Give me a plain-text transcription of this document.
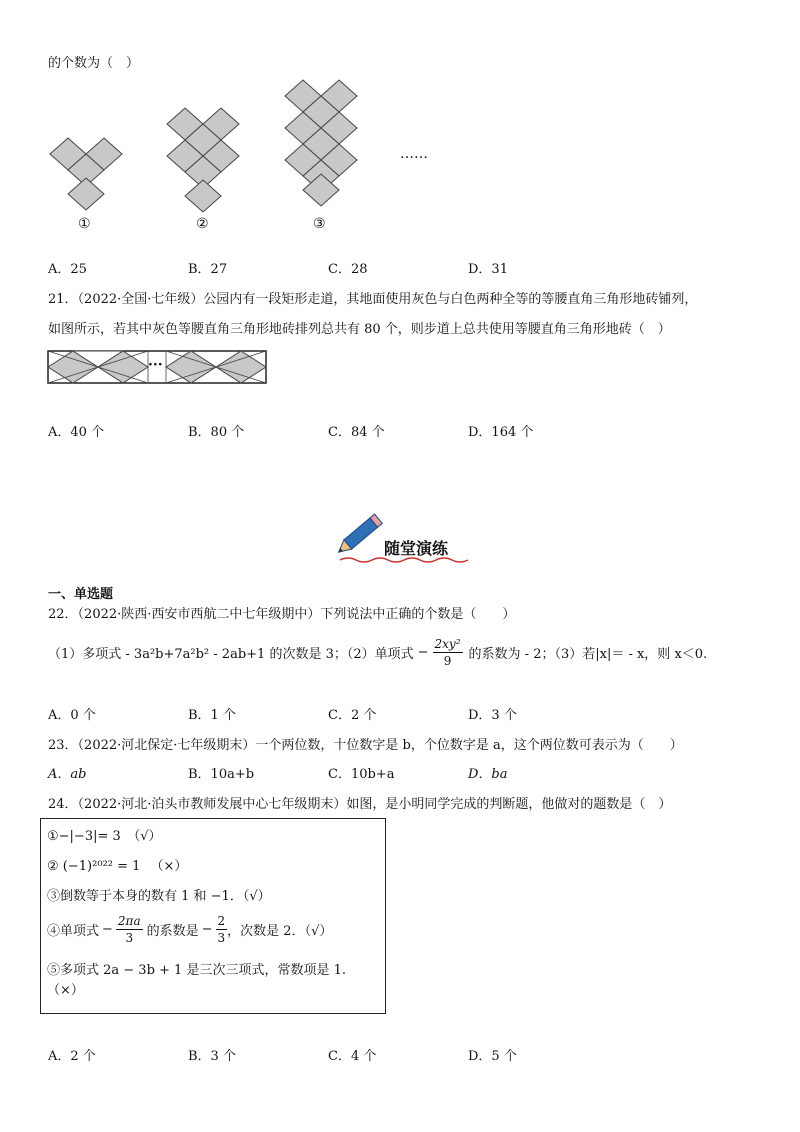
的个数为（　）
……
①	②	③
A．25	B．27	C．28	D．31
21．（2022·全国·七年级）公园内有一段矩形走道，其地面使用灰色与白色两种全等的等腰直角三角形地砖铺列，
如图所示，若其中灰色等腰直角三角形地砖排列总共有 80 个，则步道上总共使用等腰直角三角形地砖（　）
···
A．40 个	B．80 个	C．84 个	D．164 个
随堂演练
一、单选题
22．（2022·陕西·西安市西航二中七年级期中）下列说法中正确的个数是（　　）
（1）多项式 - 3a²b+7a²b² - 2ab+1 的次数是 3；（2）单项式 − $\frac{\text{2xy²}}{9}$ 的系数为 - 2；（3）若|x|＝ - x，则 x＜0.
A．0 个	B．1 个	C．2 个	D．3 个
23．（2022·河北保定·七年级期末）一个两位数，十位数字是 b，个位数字是 a，这个两位数可表示为（　　）
A．ab	B．10a+b	C．10b+a	D．ba
24．（2022·河北·泊头市教师发展中心七年级期末）如图，是小明同学完成的判断题，他做对的题数是（　）
①−|−3|= 3　（√）
② (−1)²⁰²² = 1 （×）
③倒数等于本身的数有 1 和 −1．（√）
④单项式 − $\frac{2\pi a}{3}$ 的系数是 − $\frac{2}{3}$ ，次数是 2．（√）
⑤多项式 2a − 3b + 1 是三次三项式，常数项是 1.
（×）
A．2 个	B．3 个	C．4 个	D．5 个
